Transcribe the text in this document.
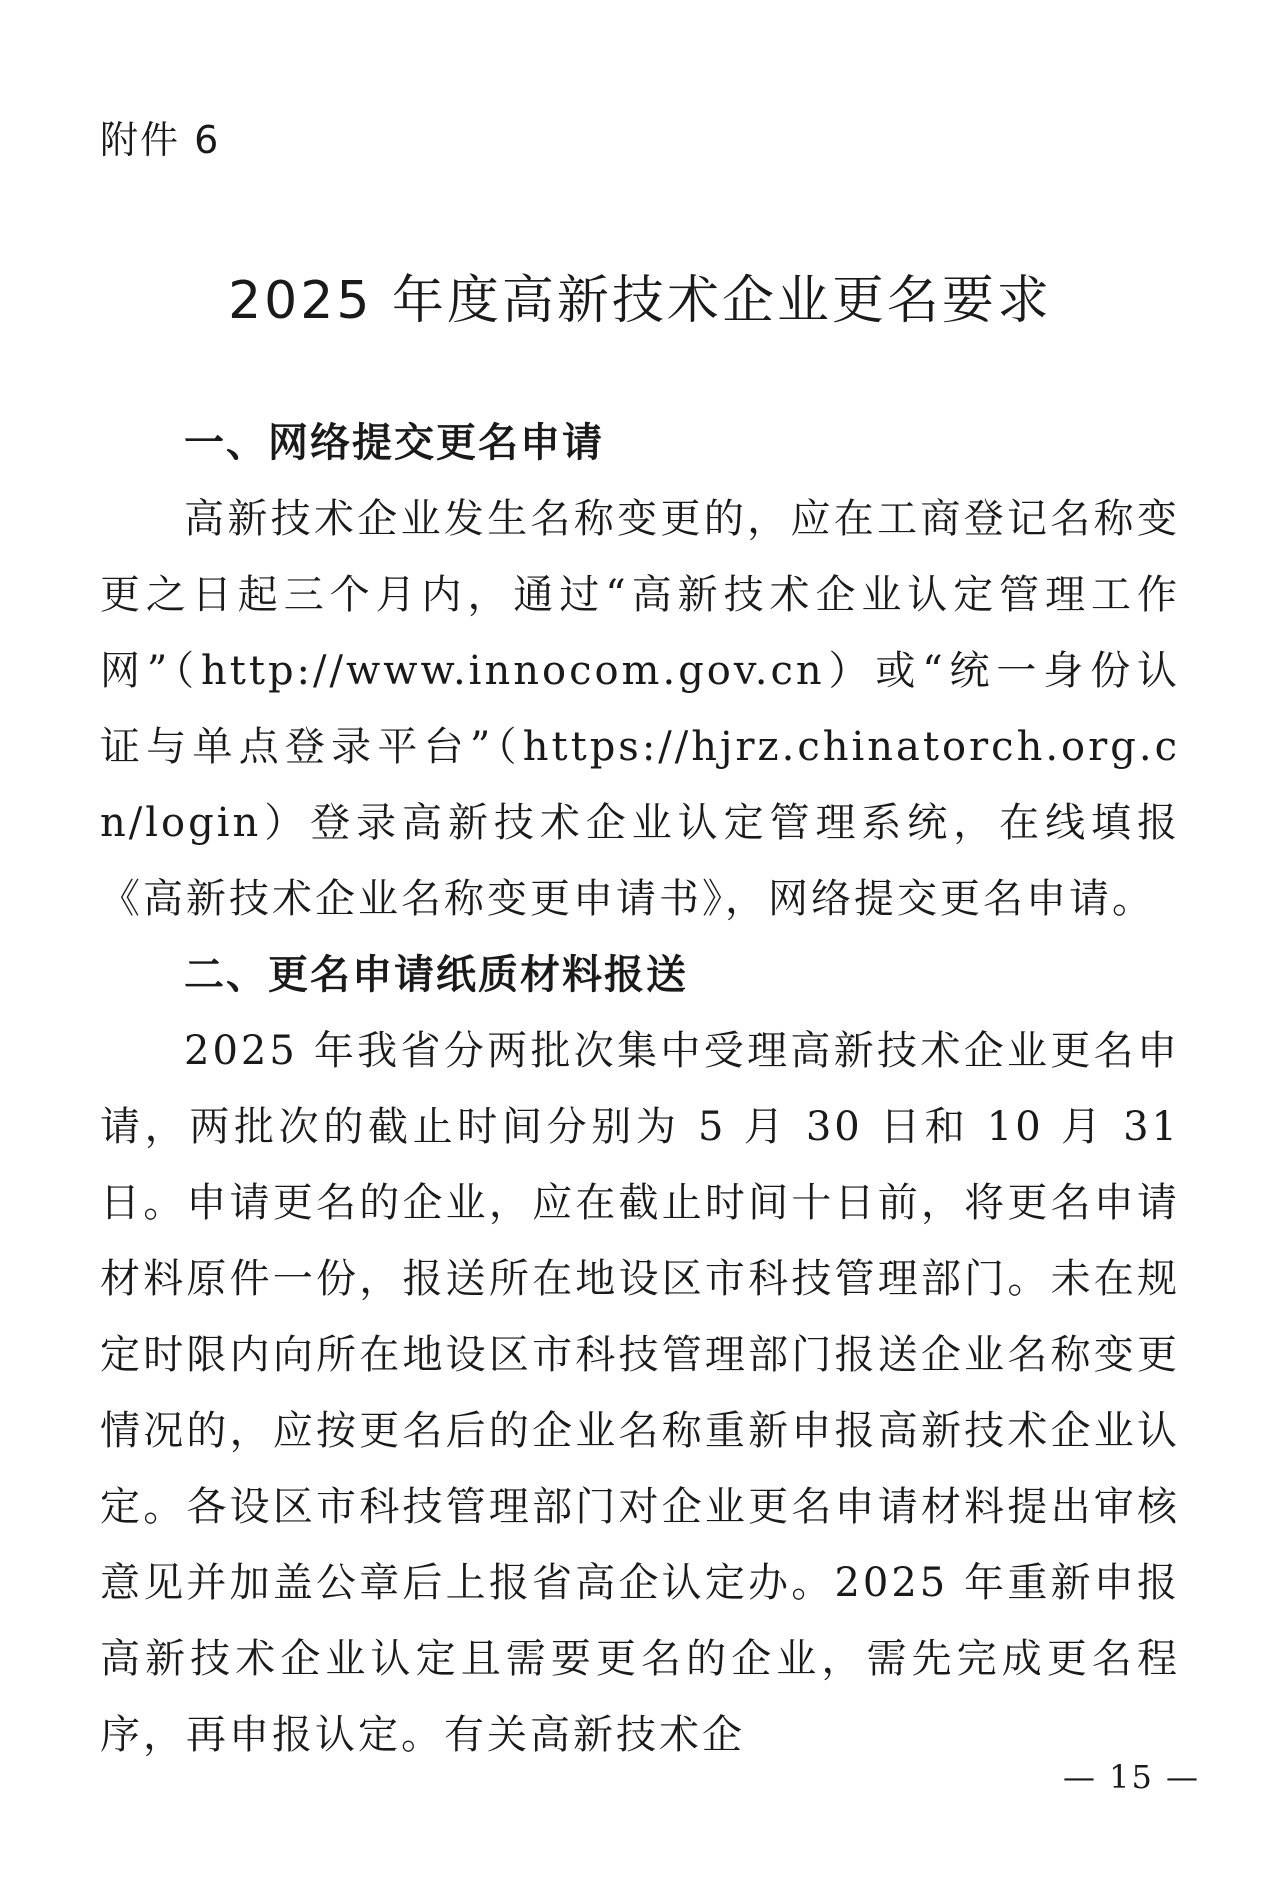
附件 6

2025 年度高新技术企业更名要求
一、网络提交更名申请

高新技术企业发生名称变更的，应在工商登记名称变更之日起三个月内，通过“高新技术企业认定管理工作网”（http://www.innocom.gov.cn）或“统一身份认证与单点登录平台”（https://hjrz.chinatorch.org.cn/login）登录高新技术企业认定管理系统，在线填报《高新技术企业名称变更申请书》，网络提交更名申请。

二、更名申请纸质材料报送

2025 年我省分两批次集中受理高新技术企业更名申请，两批次的截止时间分别为 5 月 30 日和 10 月 31 日。申请更名的企业，应在截止时间十日前，将更名申请材料原件一份，报送所在地设区市科技管理部门。未在规定时限内向所在地设区市科技管理部门报送企业名称变更情况的，应按更名后的企业名称重新申报高新技术企业认定。各设区市科技管理部门对企业更名申请材料提出审核意见并加盖公章后上报省高企认定办。2025 年重新申报高新技术企业认定且需要更名的企业，需先完成更名程序，再申报认定。有关高新技术企

— 15 —
